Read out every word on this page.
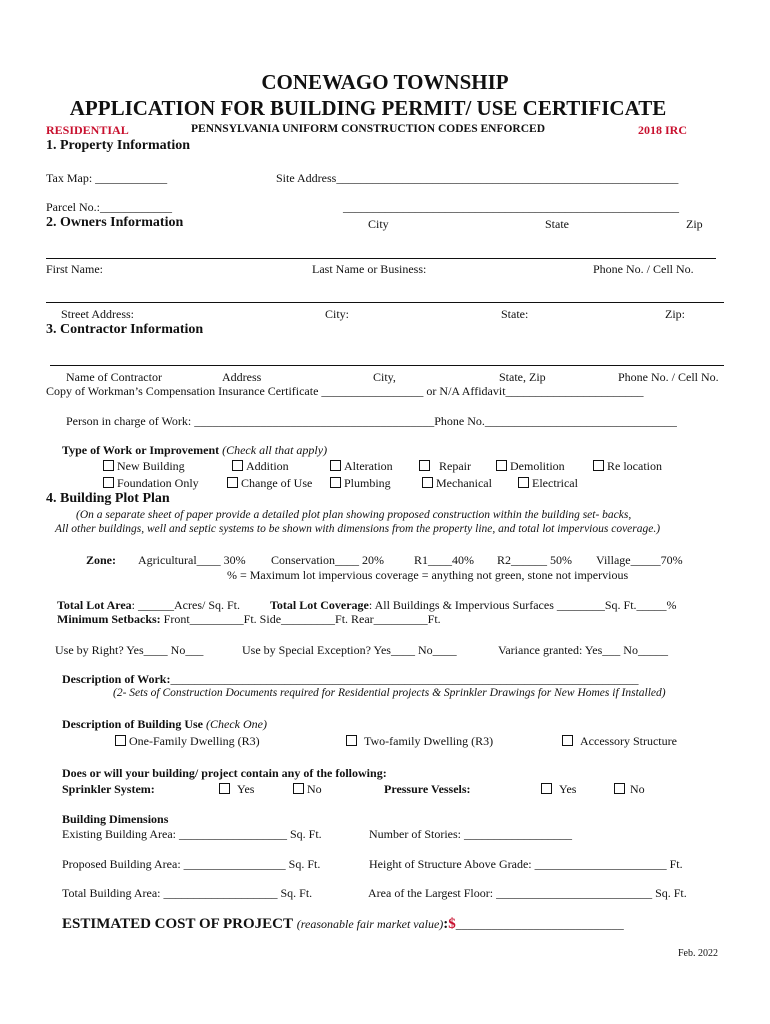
CONEWAGO TOWNSHIP
APPLICATION FOR BUILDING PERMIT/ USE CERTIFICATE
RESIDENTIAL	PENNSYLVANIA UNIFORM CONSTRUCTION CODES ENFORCED	2018 IRC
1. Property Information
Tax Map: ____________	Site Address_________________________________________________________
Parcel No.:____________	________________________________________________________
City	State	Zip
2. Owners Information
First Name:	Last Name or Business:	Phone No. / Cell No.
Street Address:	City:	State:	Zip:
3. Contractor Information
Name of Contractor	Address	City,	State, Zip	Phone No. / Cell No.
Copy of Workman’s Compensation Insurance Certificate _________________ or N/A Affidavit_______________________
Person in charge of Work: ________________________________________Phone No.________________________________
Type of Work or Improvement (Check all that apply)
New Building	Addition	Alteration	Repair	Demolition	Re location
Foundation Only	Change of Use	Plumbing	Mechanical	Electrical
4. Building Plot Plan
(On a separate sheet of paper provide a detailed plot plan showing proposed construction within the building set- backs,
All other buildings, well and septic systems to be shown with dimensions from the property line, and total lot impervious coverage.)
Zone: Agricultural____ 30% Conservation____ 20%	R1____40% R2______ 50% Village_____70%
% = Maximum lot impervious coverage = anything not green, stone not impervious
Total Lot Area: ______Acres/ Sq. Ft. Total Lot Coverage: All Buildings & Impervious Surfaces ________Sq. Ft._____%
Minimum Setbacks: Front_________Ft. Side_________Ft. Rear_________Ft.
Use by Right? Yes____ No___	Use by Special Exception? Yes____ No____	Variance granted: Yes___ No_____
Description of Work:______________________________________________________________________________
(2- Sets of Construction Documents required for Residential projects & Sprinkler Drawings for New Homes if Installed)
Description of Building Use (Check One)
One-Family Dwelling (R3)	Two-family Dwelling (R3)	Accessory Structure
Does or will your building/ project contain any of the following:
Sprinkler System:	Yes	No	Pressure Vessels:	Yes	No
Building Dimensions
Existing Building Area: __________________ Sq. Ft.	Number of Stories: __________________
Proposed Building Area: _________________ Sq. Ft.	Height of Structure Above Grade: ______________________ Ft.
Total Building Area: ___________________ Sq. Ft.	Area of the Largest Floor: __________________________ Sq. Ft.
ESTIMATED COST OF PROJECT (reasonable fair market value):$____________________________
Feb. 2022
